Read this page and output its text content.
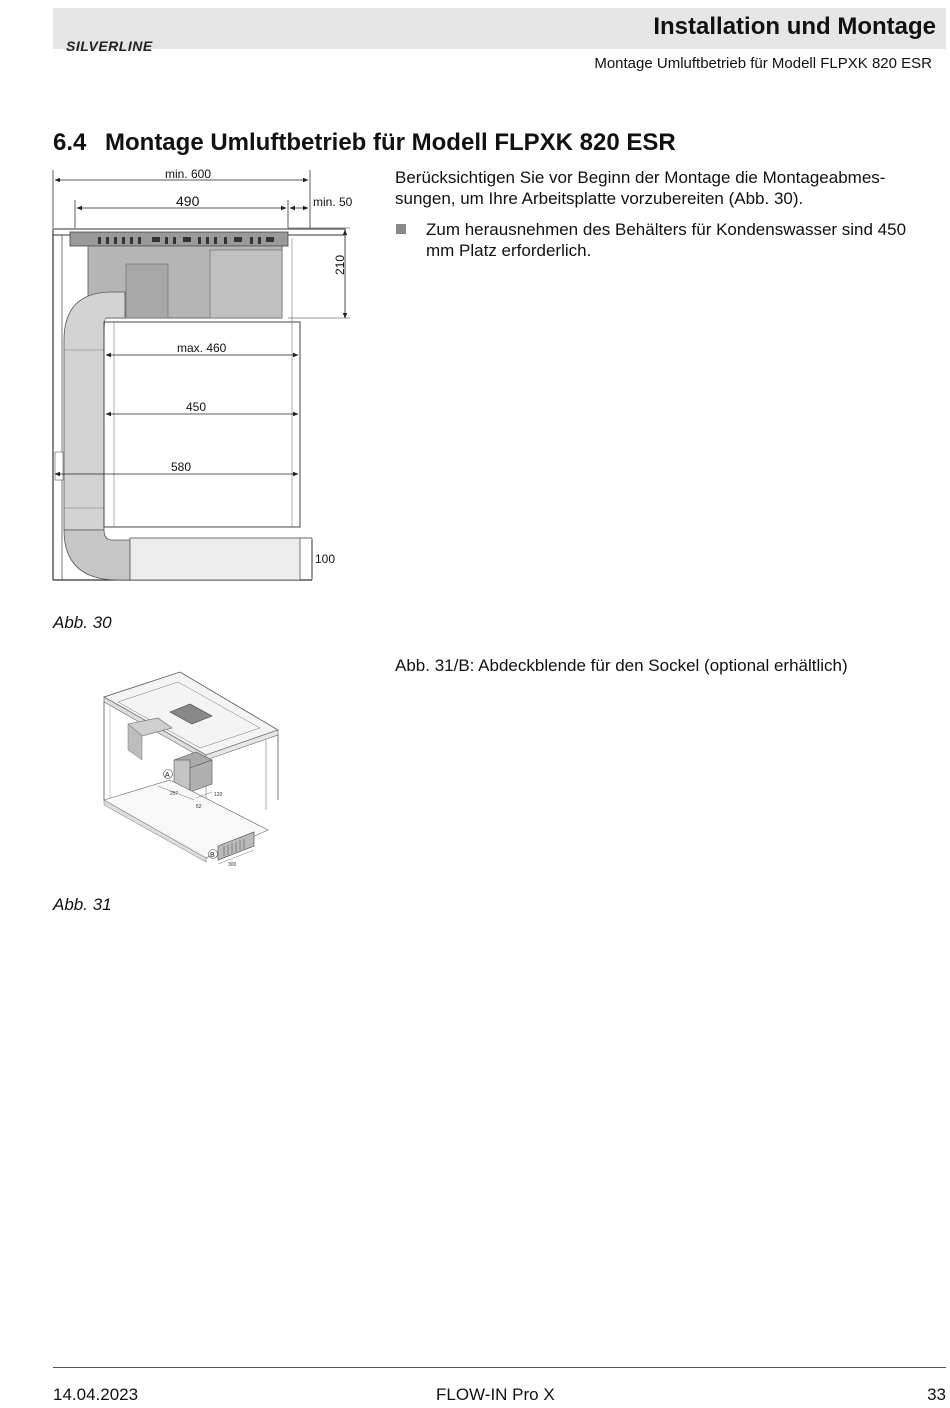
SILVERLINE
Installation und Montage
Montage Umluftbetrieb für Modell FLPXK 820 ESR
6.4 Montage Umluftbetrieb für Modell FLPXK 820 ESR
Berücksichtigen Sie vor Beginn der Montage die Montageabmes-sungen, um Ihre Arbeitsplatte vorzubereiten (Abb. 30).
Zum herausnehmen des Behälters für Kondenswasser sind 450 mm Platz erforderlich.
min. 600
490	min. 50
210
max. 460
450
580
100
Abb. 30
Abb. 31/B: Abdeckblende für den Sockel (optional erhältlich)
A
B
257
52
120
300
Abb. 31
14.04.2023	FLOW-IN Pro X	33
